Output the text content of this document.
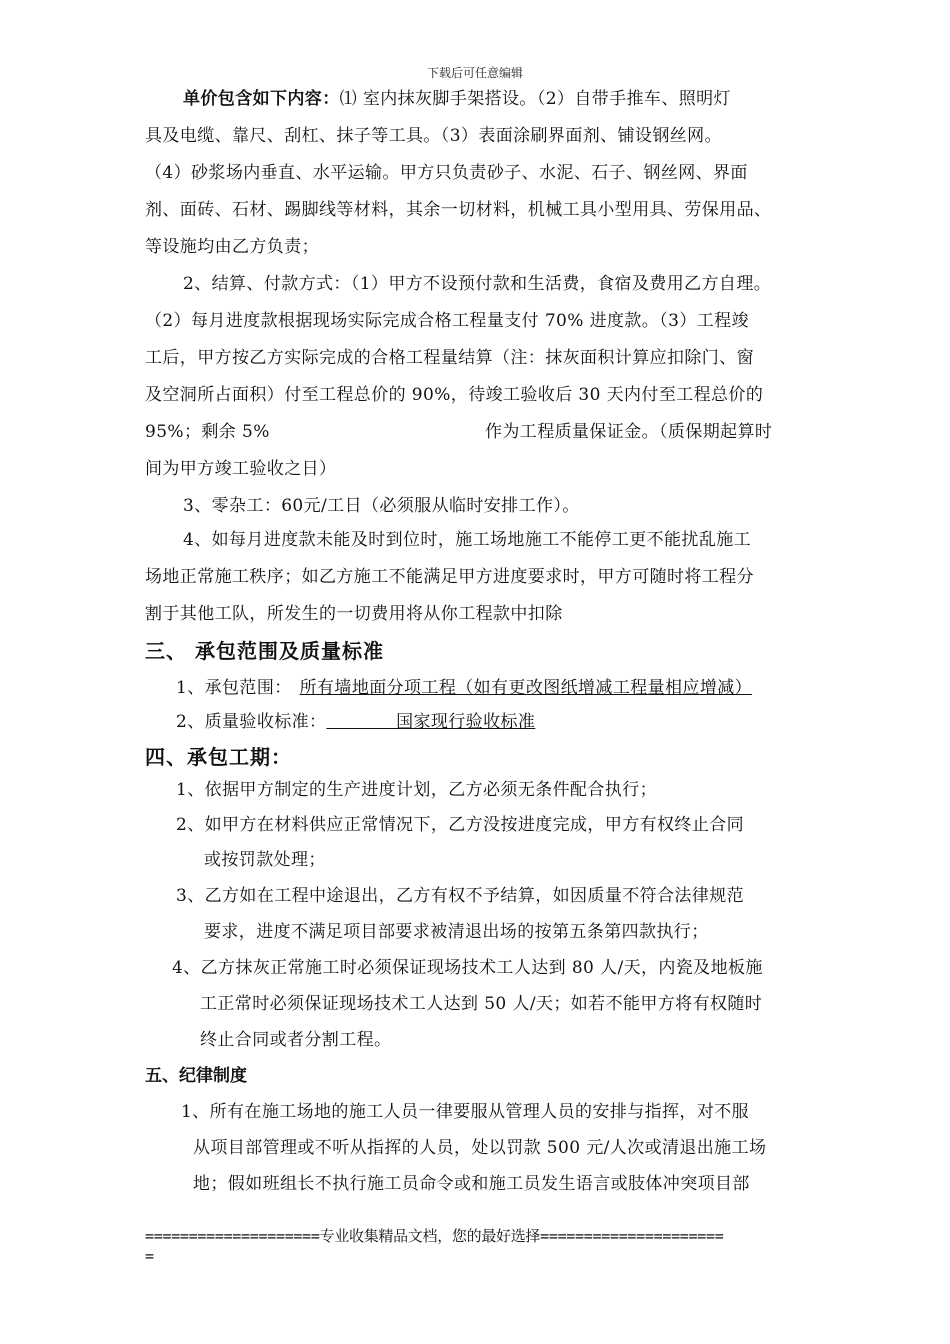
下载后可任意编辑
单价包含如下内容：⑴ 室内抹灰脚手架搭设。（2）自带手推车、照明灯
具及电缆、靠尺、刮杠、抹子等工具。（3）表面涂刷界面剂、铺设钢丝网。
（4）砂浆场内垂直、水平运输。甲方只负责砂子、水泥、石子、钢丝网、界面
剂、面砖、石材、踢脚线等材料，其余一切材料，机械工具小型用具、劳保用品、
等设施均由乙方负责；
2、结算、付款方式：（1）甲方不设预付款和生活费，食宿及费用乙方自理。
（2）每月进度款根据现场实际完成合格工程量支付 70% 进度款。（3）工程竣
工后，甲方按乙方实际完成的合格工程量结算（注：抹灰面积计算应扣除门、窗
及空洞所占面积）付至工程总价的 90%，待竣工验收后 30 天内付至工程总价的
95%；剩余 5%	作为工程质量保证金。（质保期起算时
间为甲方竣工验收之日）
3、零杂工：60元/工日（必须服从临时安排工作）。
4、如每月进度款未能及时到位时，施工场地施工不能停工更不能扰乱施工
场地正常施工秩序；如乙方施工不能满足甲方进度要求时，甲方可随时将工程分
割于其他工队，所发生的一切费用将从你工程款中扣除
三、 承包范围及质量标准
1、承包范围： 所有墙地面分项工程（如有更改图纸增减工程量相应增减）
2、质量验收标准：            国家现行验收标准
四、承包工期：
1、依据甲方制定的生产进度计划，乙方必须无条件配合执行；
2、如甲方在材料供应正常情况下，乙方没按进度完成，甲方有权终止合同
或按罚款处理；
3、乙方如在工程中途退出，乙方有权不予结算，如因质量不符合法律规范
要求，进度不满足项目部要求被清退出场的按第五条第四款执行；
4、乙方抹灰正常施工时必须保证现场技术工人达到 80 人/天，内瓷及地板施
工正常时必须保证现场技术工人达到 50 人/天；如若不能甲方将有权随时
终止合同或者分割工程。
五、纪律制度
1、所有在施工场地的施工人员一律要服从管理人员的安排与指挥，对不服
从项目部管理或不听从指挥的人员，处以罚款 500 元/人次或清退出施工场
地；假如班组长不执行施工员命令或和施工员发生语言或肢体冲突项目部
====================专业收集精品文档，您的最好选择=====================
=
